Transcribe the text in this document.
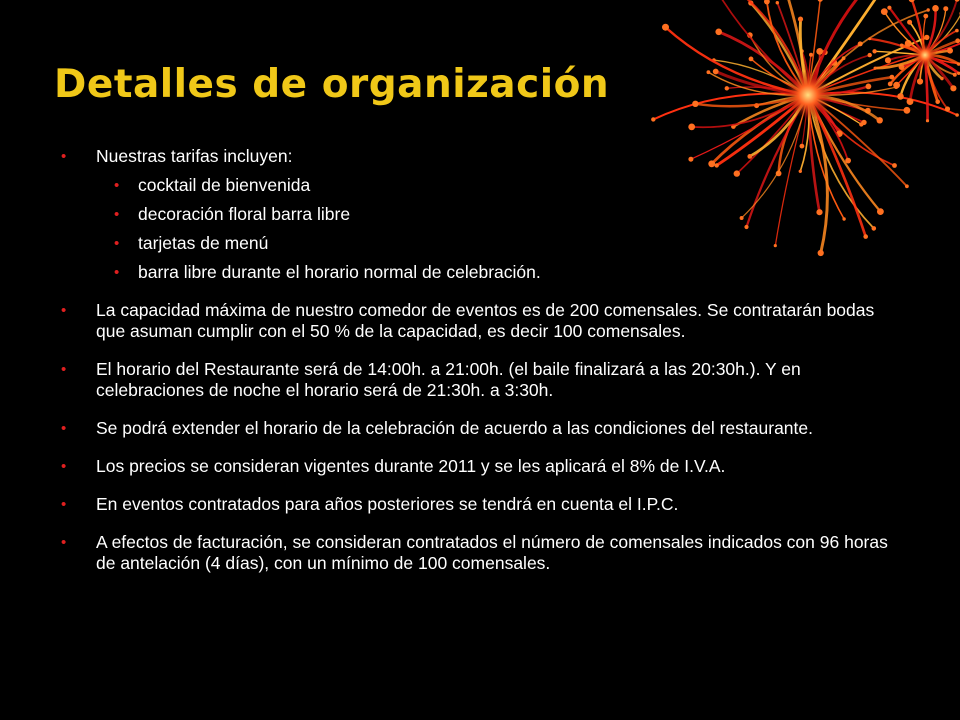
Detalles de organización
• Nuestras tarifas incluyen:
• cocktail de bienvenida
• decoración floral barra libre
• tarjetas de menú
• barra libre durante el horario normal de celebración.
• La capacidad máxima de nuestro comedor de eventos es de 200 comensales. Se contratarán bodas que asuman cumplir con el 50 % de la capacidad, es decir 100 comensales.
• El horario del Restaurante será de 14:00h. a 21:00h. (el baile finalizará a las 20:30h.). Y en celebraciones de noche el horario será de 21:30h. a 3:30h.
• Se podrá extender el horario de la celebración de acuerdo a las condiciones del restaurante.
• Los precios se consideran vigentes durante 2011 y se les aplicará el 8% de I.V.A.
• En eventos contratados para años posteriores se tendrá en cuenta el I.P.C.
• A efectos de facturación, se consideran contratados el número de comensales indicados con 96 horas de antelación (4 días), con un mínimo de 100 comensales.
